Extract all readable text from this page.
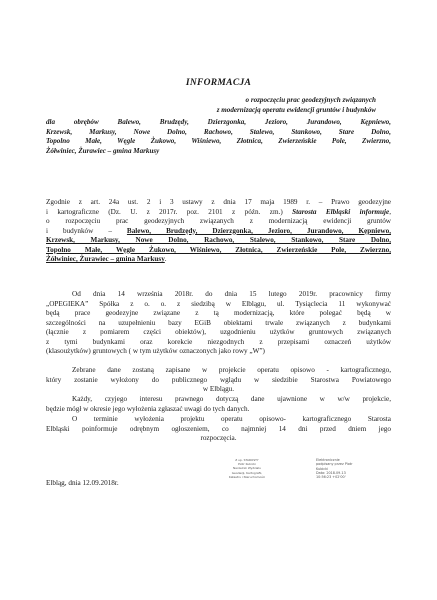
INFORMACJA
o rozpoczęciu prac geodezyjnych związanych
z modernizacją operatu ewidencji gruntów i budynków
dla obrębów Balewo, Brudzędy, Dzierzgonka, Jezioro, Jurandowo, Kępniewo,
Krzewsk, Markusy, Nowe Dolno, Rachowo, Stalewo, Stankowo, Stare Dolno,
Topolno Małe, Węgle Żukowo, Wiśniewo, Złotnica, Zwierzeńskie Pole, Zwierzno,
Żółwiniec, Żurawiec – gmina Markusy
Zgodnie z art. 24a ust. 2 i 3 ustawy z dnia 17 maja 1989 r. – Prawo geodezyjne
i kartograficzne (Dz. U. z 2017r. poz. 2101 z późn. zm.) Starosta Elbląski informuje,
o rozpoczęciu prac geodezyjnych związanych z modernizacją ewidencji gruntów
i budynków – Balewo, Brudzędy, Dzierzgonka, Jezioro, Jurandowo, Kępniewo,
Krzewsk, Markusy, Nowe Dolno, Rachowo, Stalewo, Stankowo, Stare Dolno,
Topolno Małe, Węgle Żukowo, Wiśniewo, Złotnica, Zwierzeńskie Pole, Zwierzno,
Żółwiniec, Żurawiec – gmina Markusy.
Od dnia 14 września 2018r. do dnia 15 lutego 2019r. pracownicy firmy
„OPEGIEKA” Spółka z o. o. z siedzibą w Elblągu, ul. Tysiąclecia 11 wykonywać
będą prace geodezyjne związane z tą modernizacją, które polegać będą w
szczególności na uzupełnieniu bazy EGiB obiektami trwale związanych z budynkami
(łącznie z pomiarem części obiektów), uzgodnieniu użytków gruntowych związanych
z tymi budynkami oraz korekcie niezgodnych z przepisami oznaczeń użytków
(klasoużytków) gruntowych ( w tym użytków oznaczonych jako rowy „W”)
Zebrane dane zostaną zapisane w projekcie operatu opisowo - kartograficznego,
który zostanie wyłożony do publicznego wglądu w siedzibie Starostwa Powiatowego
w Elblągu.
Każdy, czyjego interesu prawnego dotyczą dane ujawnione w w/w projekcie,
będzie mógł w okresie jego wyłożenia zgłaszać uwagi do tych danych.
O terminie wyłożenia projektu operatu opisowo- kartograficznego Starosta
Elbląski poinformuje odrębnym ogłoszeniem, co najmniej 14 dni przed dniem jego
rozpoczęcia.
Z up. STAROSTY
Piotr Kubicki
Naczelnik Wydziału
Geodezji, Kartografii,
Katastru i Nieruchomości
Elektronicznie
podpisany przez Piotr
Kubicki
Data: 2018.09.13
10:56:23 +02'00'
Elbląg, dnia 12.09.2018r.
